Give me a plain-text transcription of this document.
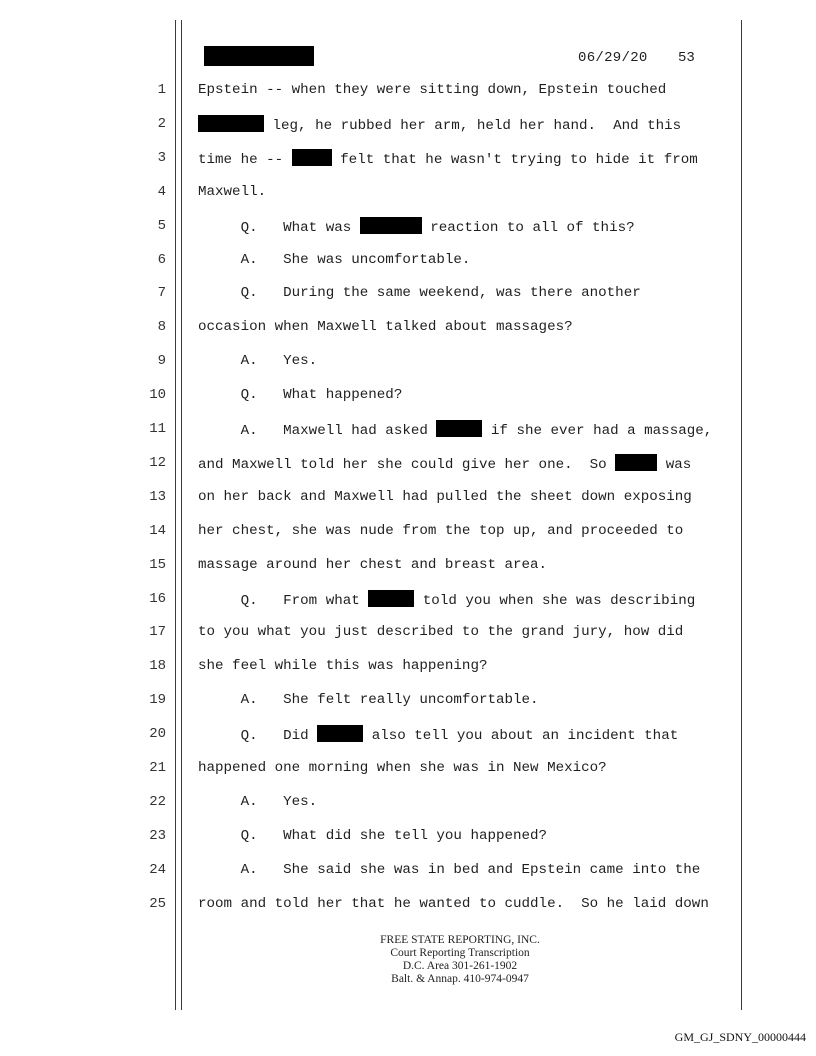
06/29/20 53
1 Epstein -- when they were sitting down, Epstein touched
2	leg, he rubbed her arm, held her hand.  And this
3 time he --	felt that he wasn't trying to hide it from
4 Maxwell.
5 Q.   What was	reaction to all of this?
6 A.   She was uncomfortable.
7 Q.   During the same weekend, was there another
8 occasion when Maxwell talked about massages?
9 A.   Yes.
10 Q.   What happened?
11 A.   Maxwell had asked	if she ever had a massage,
12 and Maxwell told her she could give her one.  So	was
13 on her back and Maxwell had pulled the sheet down exposing
14 her chest, she was nude from the top up, and proceeded to
15 massage around her chest and breast area.
16 Q.   From what	told you when she was describing
17 to you what you just described to the grand jury, how did
18 she feel while this was happening?
19 A.   She felt really uncomfortable.
20 Q.   Did	also tell you about an incident that
21 happened one morning when she was in New Mexico?
22 A.   Yes.
23 Q.   What did she tell you happened?
24 A.   She said she was in bed and Epstein came into the
25 room and told her that he wanted to cuddle.  So he laid down
FREE STATE REPORTING, INC.
Court Reporting Transcription
D.C. Area 301-261-1902
Balt. & Annap. 410-974-0947
GM_GJ_SDNY_00000444
